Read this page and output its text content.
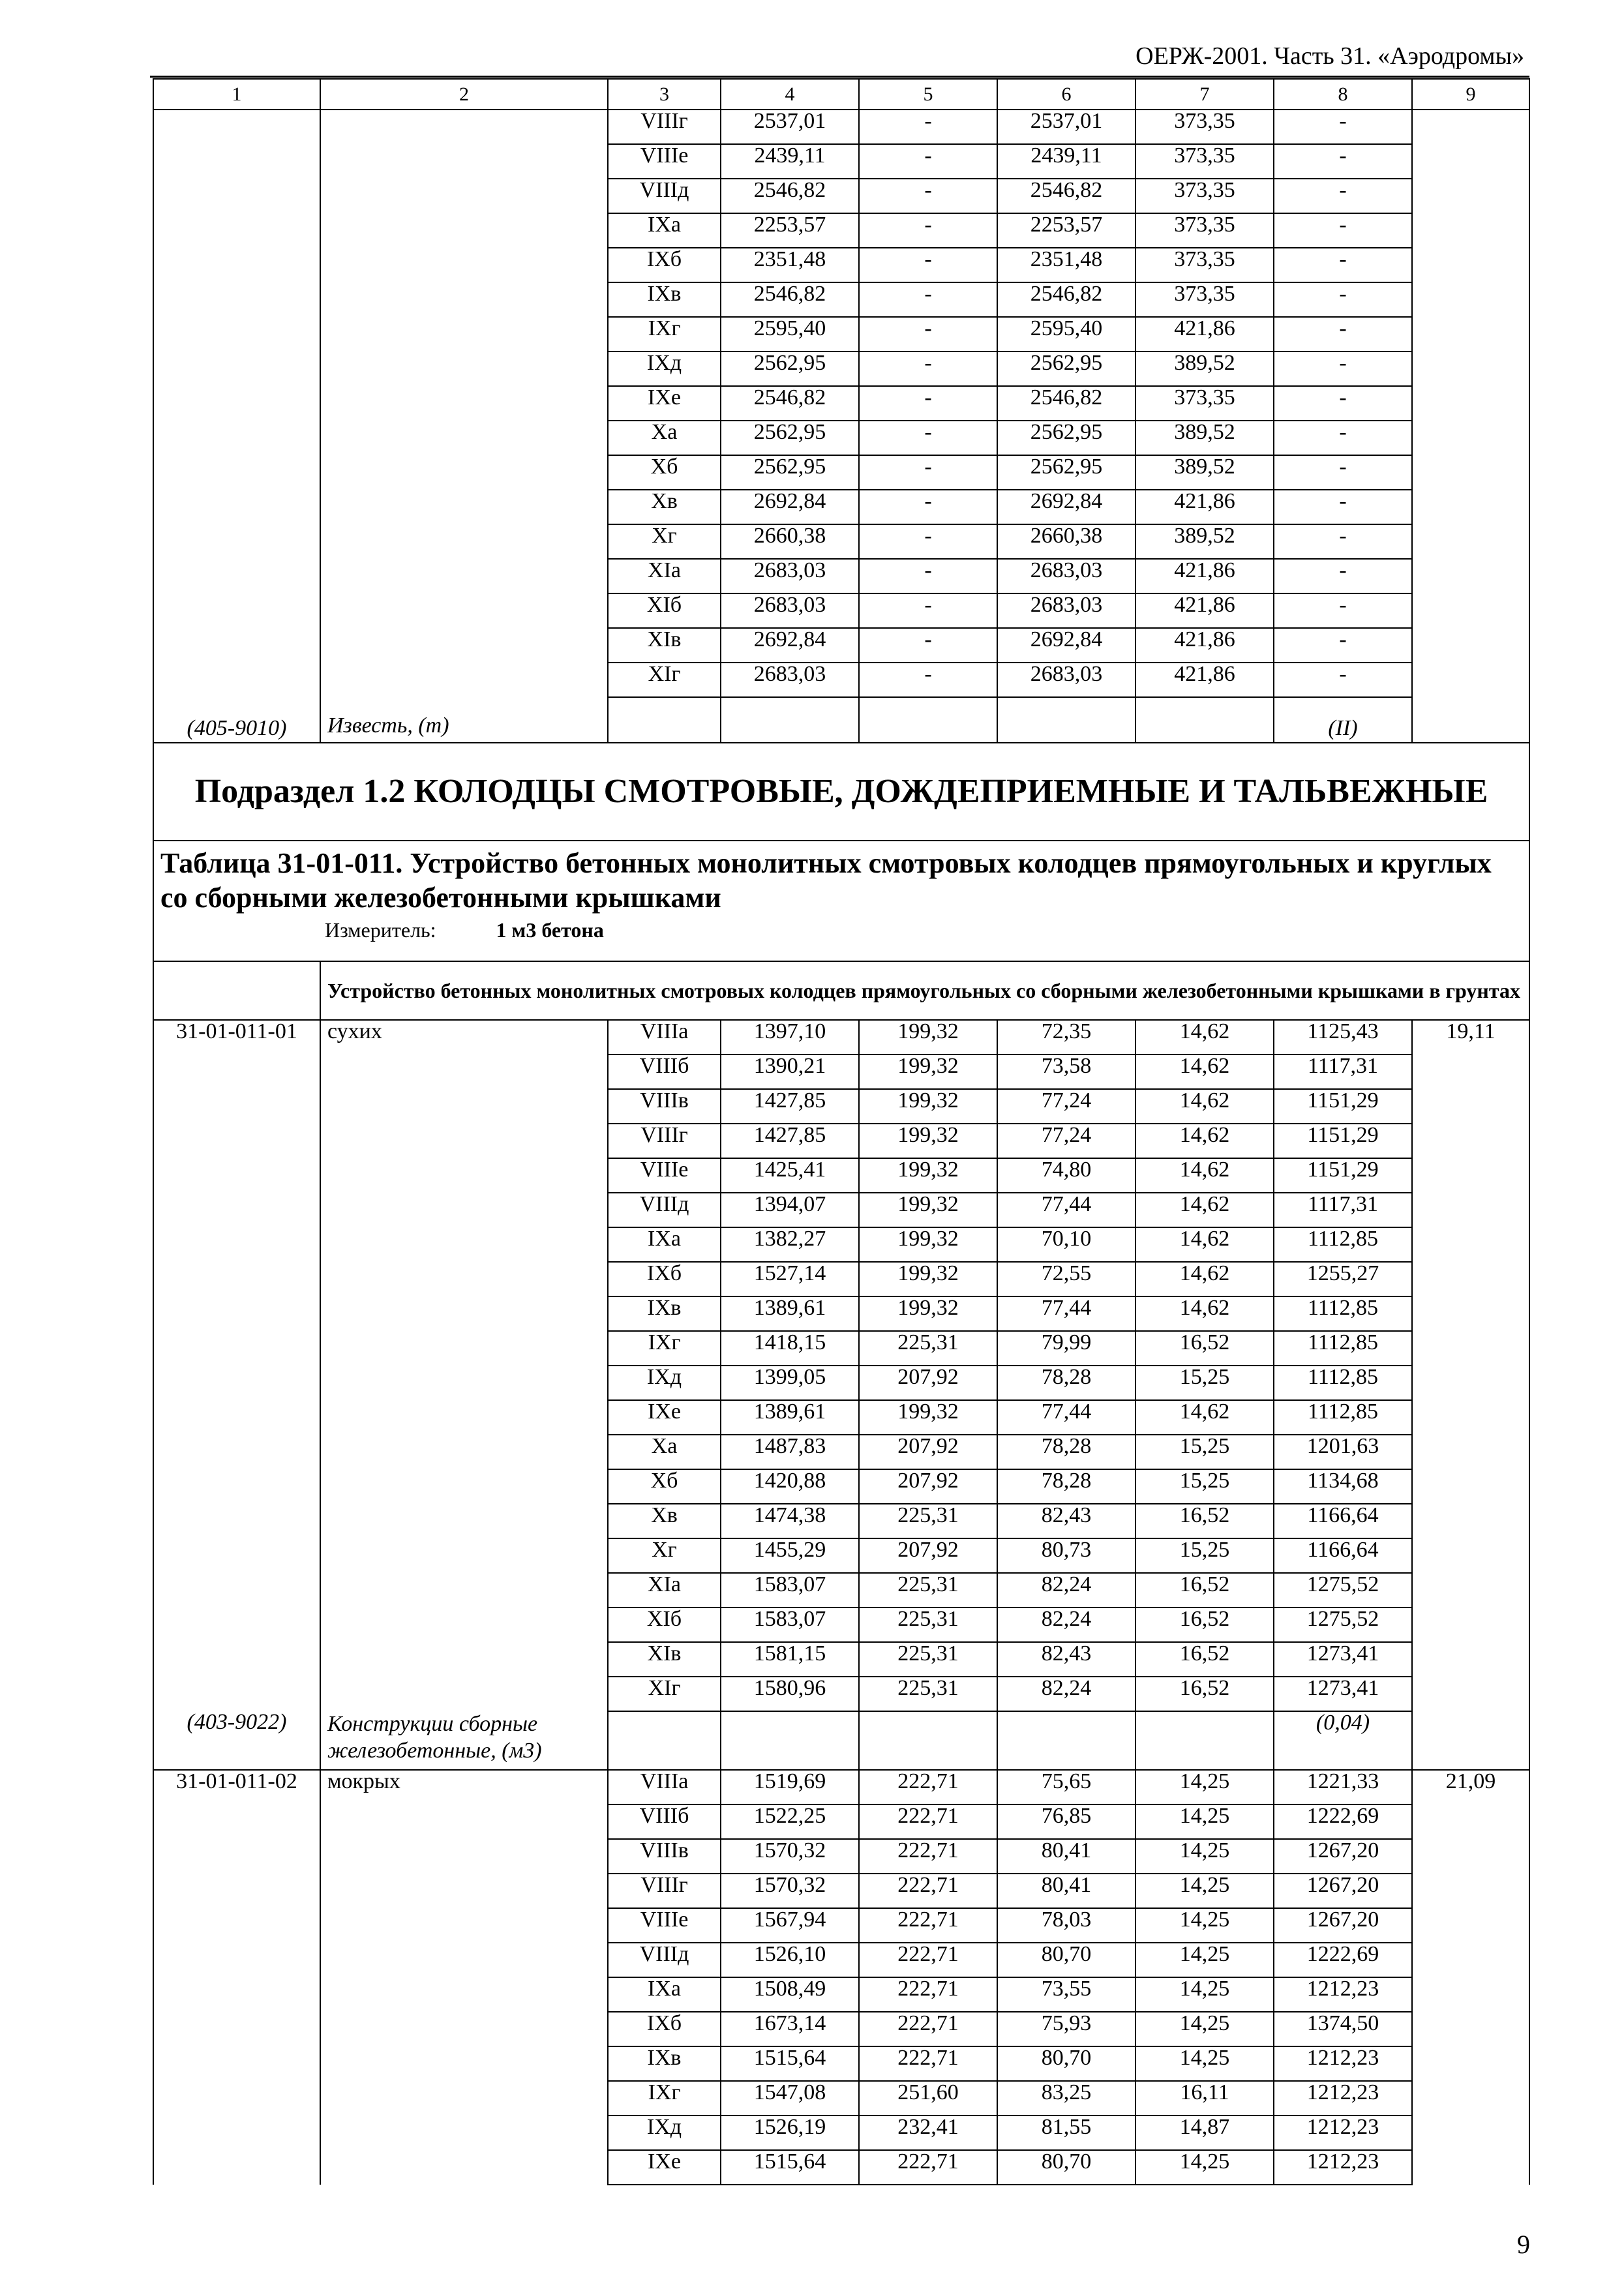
ОЕРЖ-2001. Часть 31. «Аэродромы»
1	2	3	4	5	6	7	8	9
		VIIIг	2537,01	-	2537,01	373,35	-	
		VIIIе	2439,11	-	2439,11	373,35	-	
		VIIIд	2546,82	-	2546,82	373,35	-	
		IXа	2253,57	-	2253,57	373,35	-	
		IXб	2351,48	-	2351,48	373,35	-	
		IXв	2546,82	-	2546,82	373,35	-	
		IXг	2595,40	-	2595,40	421,86	-	
		IXд	2562,95	-	2562,95	389,52	-	
		IXе	2546,82	-	2546,82	373,35	-	
		Xа	2562,95	-	2562,95	389,52	-	
		Xб	2562,95	-	2562,95	389,52	-	
		Xв	2692,84	-	2692,84	421,86	-	
		Xг	2660,38	-	2660,38	389,52	-	
		XIа	2683,03	-	2683,03	421,86	-	
		XIб	2683,03	-	2683,03	421,86	-	
		XIв	2692,84	-	2692,84	421,86	-	
		XIг	2683,03	-	2683,03	421,86	-	
(405-9010)	Известь, (т)						(II)	
Подраздел 1.2 КОЛОДЦЫ СМОТРОВЫЕ, ДОЖДЕПРИЕМНЫЕ И ТАЛЬВЕЖНЫЕ								

Таблица 31-01-011. Устройство бетонных монолитных смотровых колодцев прямоугольных и круглых со сборными железобетонными крышками
Измеритель: 1 м3 бетона								

	Устройство бетонных монолитных смотровых колодцев прямоугольных со сборными железобетонными крышками в грунтах							
31-01-011-01	сухих	VIIIа	1397,10	199,32	72,35	14,62	1125,43	19,11
		VIIIб	1390,21	199,32	73,58	14,62	1117,31	
		VIIIв	1427,85	199,32	77,24	14,62	1151,29	
		VIIIг	1427,85	199,32	77,24	14,62	1151,29	
		VIIIе	1425,41	199,32	74,80	14,62	1151,29	
		VIIIд	1394,07	199,32	77,44	14,62	1117,31	
		IXа	1382,27	199,32	70,10	14,62	1112,85	
		IXб	1527,14	199,32	72,55	14,62	1255,27	
		IXв	1389,61	199,32	77,44	14,62	1112,85	
		IXг	1418,15	225,31	79,99	16,52	1112,85	
		IXд	1399,05	207,92	78,28	15,25	1112,85	
		IXе	1389,61	199,32	77,44	14,62	1112,85	
		Xа	1487,83	207,92	78,28	15,25	1201,63	
		Xб	1420,88	207,92	78,28	15,25	1134,68	
		Xв	1474,38	225,31	82,43	16,52	1166,64	
		Xг	1455,29	207,92	80,73	15,25	1166,64	
		XIа	1583,07	225,31	82,24	16,52	1275,52	
		XIб	1583,07	225,31	82,24	16,52	1275,52	
		XIв	1581,15	225,31	82,43	16,52	1273,41	
		XIг	1580,96	225,31	82,24	16,52	1273,41	
(403-9022)	Конструкции сборные железобетонные, (м3)						(0,04)	
31-01-011-02	мокрых	VIIIа	1519,69	222,71	75,65	14,25	1221,33	21,09
		VIIIб	1522,25	222,71	76,85	14,25	1222,69	
		VIIIв	1570,32	222,71	80,41	14,25	1267,20	
		VIIIг	1570,32	222,71	80,41	14,25	1267,20	
		VIIIе	1567,94	222,71	78,03	14,25	1267,20	
		VIIIд	1526,10	222,71	80,70	14,25	1222,69	
		IXа	1508,49	222,71	73,55	14,25	1212,23	
		IXб	1673,14	222,71	75,93	14,25	1374,50	
		IXв	1515,64	222,71	80,70	14,25	1212,23	
		IXг	1547,08	251,60	83,25	16,11	1212,23	
		IXд	1526,19	232,41	81,55	14,87	1212,23	
		IXе	1515,64	222,71	80,70	14,25	1212,23	
9
